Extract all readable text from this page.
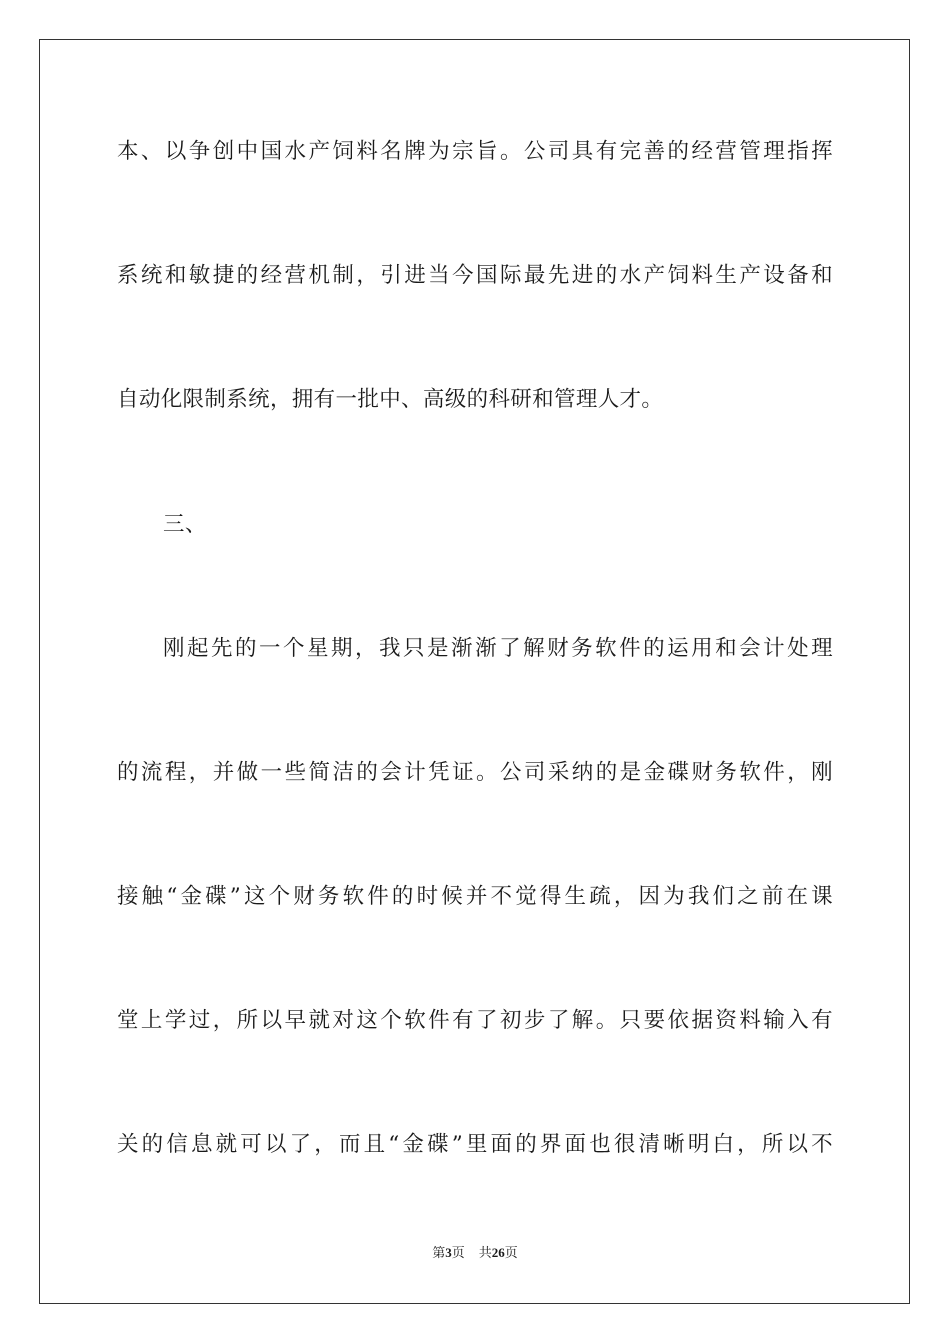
本、以争创中国水产饲料名牌为宗旨。公司具有完善的经营管理指挥
系统和敏捷的经营机制，引进当今国际最先进的水产饲料生产设备和
自动化限制系统，拥有一批中、高级的科研和管理人才。
三、
刚起先的一个星期，我只是渐渐了解财务软件的运用和会计处理
的流程，并做一些简洁的会计凭证。公司采纳的是金碟财务软件，刚
接触“金碟”这个财务软件的时候并不觉得生疏，因为我们之前在课
堂上学过，所以早就对这个软件有了初步了解。只要依据资料输入有
关的信息就可以了，而且“金碟”里面的界面也很清晰明白，所以不
第3页 共26页
